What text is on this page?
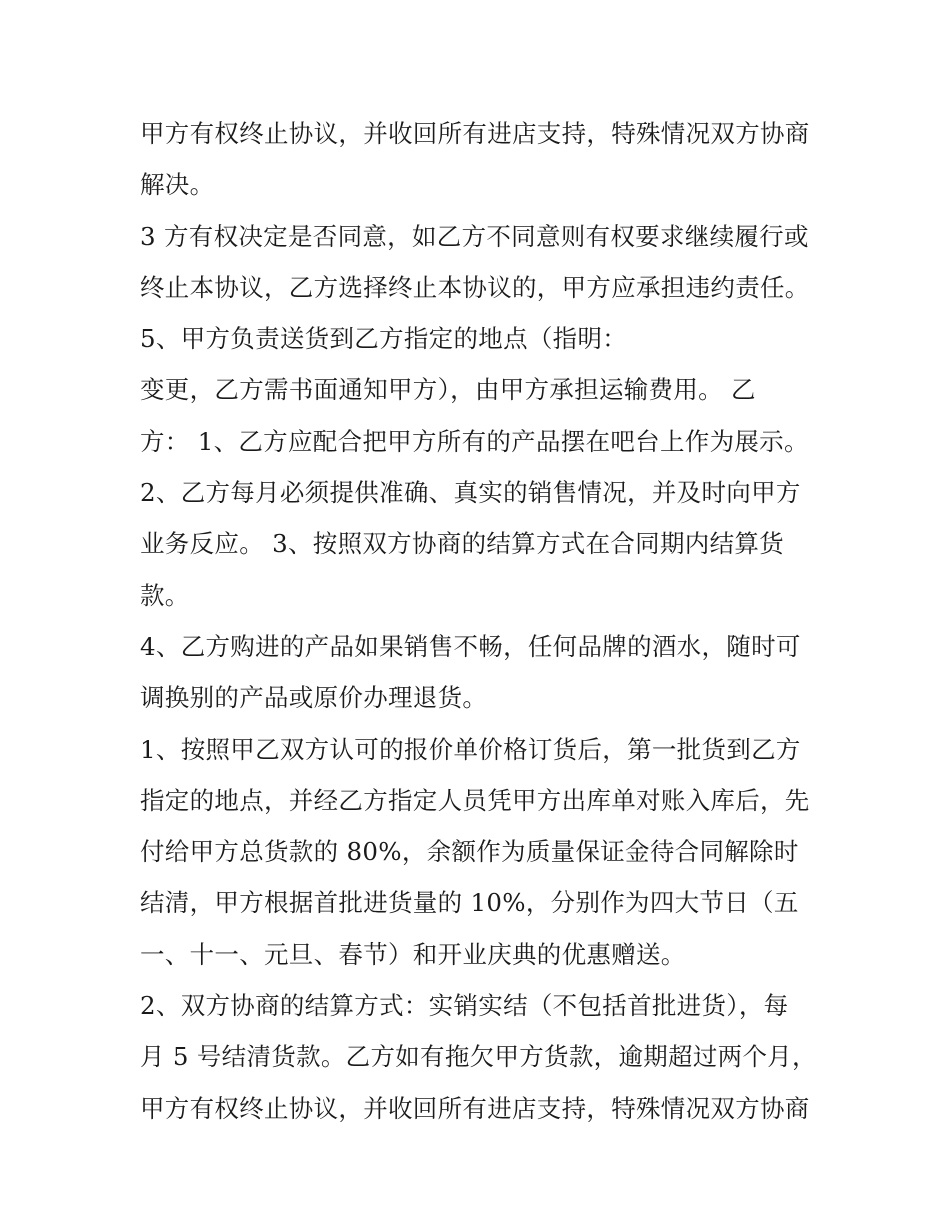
甲方有权终止协议，并收回所有进店支持，特殊情况双方协商
解决。
3 方有权决定是否同意，如乙方不同意则有权要求继续履行或
终止本协议，乙方选择终止本协议的，甲方应承担违约责任。
5、甲方负责送货到乙方指定的地点（指明：
变更，乙方需书面通知甲方），由甲方承担运输费用。 乙
方： 1、乙方应配合把甲方所有的产品摆在吧台上作为展示。
2、乙方每月必须提供准确、真实的销售情况，并及时向甲方
业务反应。 3、按照双方协商的结算方式在合同期内结算货
款。
4、乙方购进的产品如果销售不畅，任何品牌的酒水，随时可
调换别的产品或原价办理退货。
1、按照甲乙双方认可的报价单价格订货后，第一批货到乙方
指定的地点，并经乙方指定人员凭甲方出库单对账入库后，先
付给甲方总货款的 80%，余额作为质量保证金待合同解除时
结清，甲方根据首批进货量的 10%，分别作为四大节日（五
一、十一、元旦、春节）和开业庆典的优惠赠送。
2、双方协商的结算方式：实销实结（不包括首批进货），每
月 5 号结清货款。乙方如有拖欠甲方货款，逾期超过两个月，
甲方有权终止协议，并收回所有进店支持，特殊情况双方协商
